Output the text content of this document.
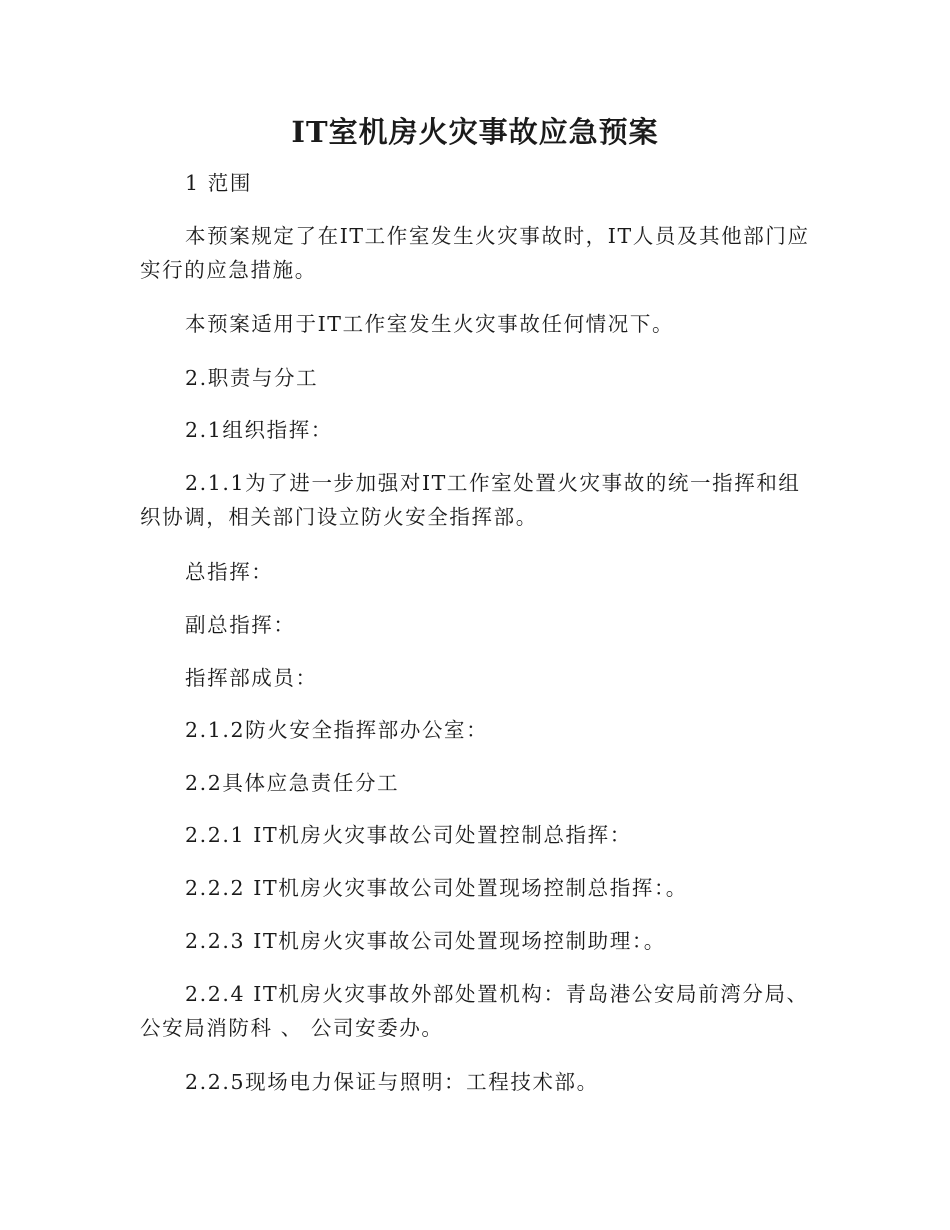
IT室机房火灾事故应急预案

1 范围

本预案规定了在IT工作室发生火灾事故时，IT人员及其他部门应实行的应急措施。

本预案适用于IT工作室发生火灾事故任何情况下。

2.职责与分工

2.1组织指挥：

2.1.1为了进一步加强对IT工作室处置火灾事故的统一指挥和组织协调，相关部门设立防火安全指挥部。

总指挥：

副总指挥：

指挥部成员：

2.1.2防火安全指挥部办公室：

2.2具体应急责任分工

2.2.1 IT机房火灾事故公司处置控制总指挥：

2.2.2 IT机房火灾事故公司处置现场控制总指挥：。

2.2.3 IT机房火灾事故公司处置现场控制助理：。

2.2.4 IT机房火灾事故外部处置机构：青岛港公安局前湾分局、公安局消防科 、 公司安委办。

2.2.5现场电力保证与照明：工程技术部。
